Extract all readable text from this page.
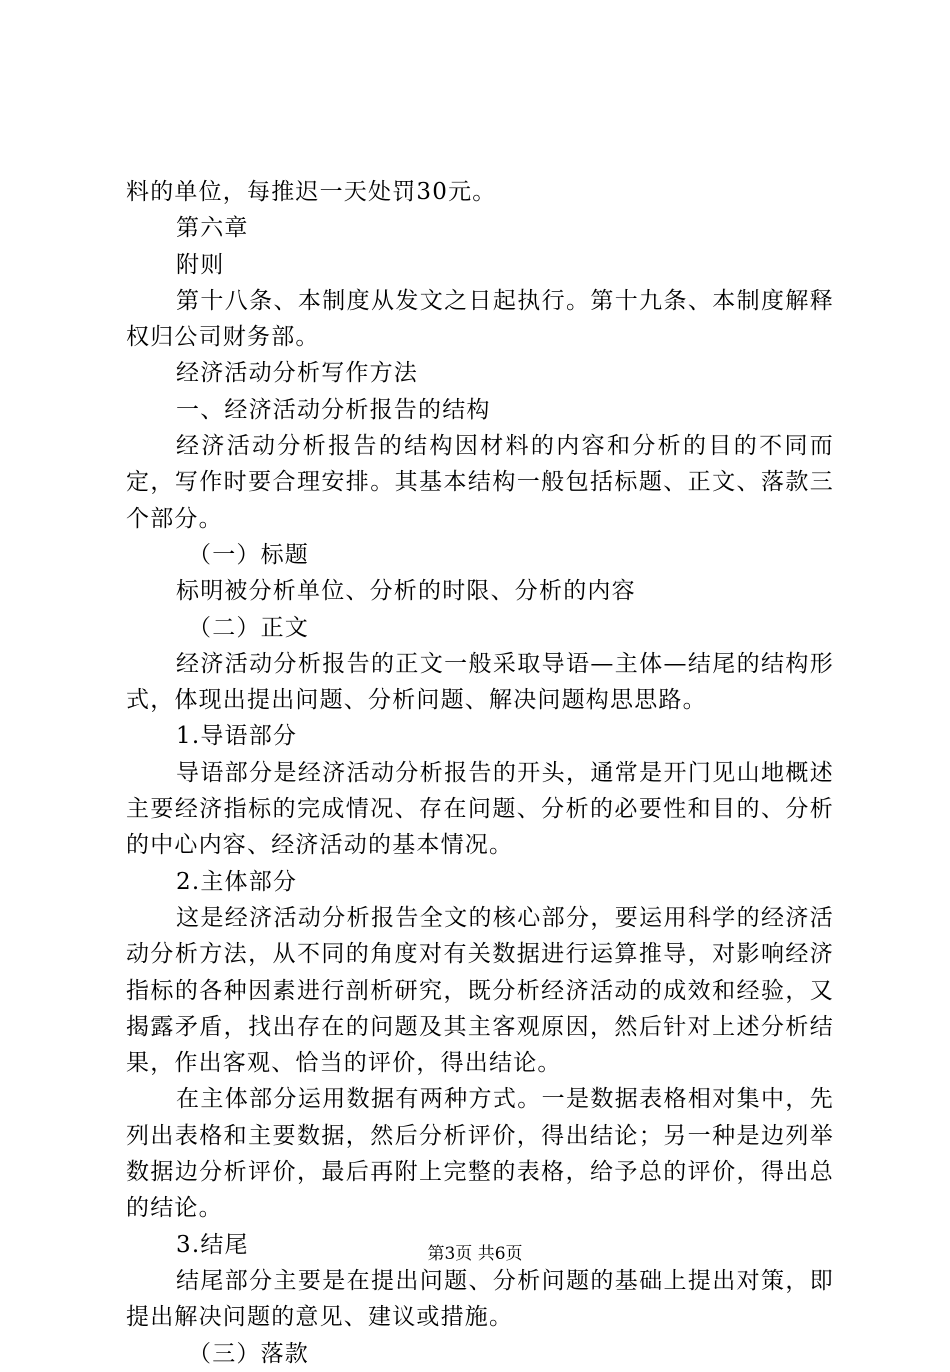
料的单位，每推迟一天处罚30元。

第六章

附则

第十八条、本制度从发文之日起执行。第十九条、本制度解释权归公司财务部。

经济活动分析写作方法

一、经济活动分析报告的结构

经济活动分析报告的结构因材料的内容和分析的目的不同而定，写作时要合理安排。其基本结构一般包括标题、正文、落款三个部分。

（一）标题

标明被分析单位、分析的时限、分析的内容

（二）正文

经济活动分析报告的正文一般采取导语—主体—结尾的结构形式，体现出提出问题、分析问题、解决问题构思思路。

1.导语部分

导语部分是经济活动分析报告的开头，通常是开门见山地概述主要经济指标的完成情况、存在问题、分析的必要性和目的、分析的中心内容、经济活动的基本情况。

2.主体部分

这是经济活动分析报告全文的核心部分，要运用科学的经济活动分析方法，从不同的角度对有关数据进行运算推导，对影响经济指标的各种因素进行剖析研究，既分析经济活动的成效和经验，又揭露矛盾，找出存在的问题及其主客观原因，然后针对上述分析结果，作出客观、恰当的评价，得出结论。

在主体部分运用数据有两种方式。一是数据表格相对集中，先列出表格和主要数据，然后分析评价，得出结论；另一种是边列举数据边分析评价，最后再附上完整的表格，给予总的评价，得出总的结论。

3.结尾

结尾部分主要是在提出问题、分析问题的基础上提出对策，即提出解决问题的意见、建议或措施。

（三）落款

第3页 共6页
